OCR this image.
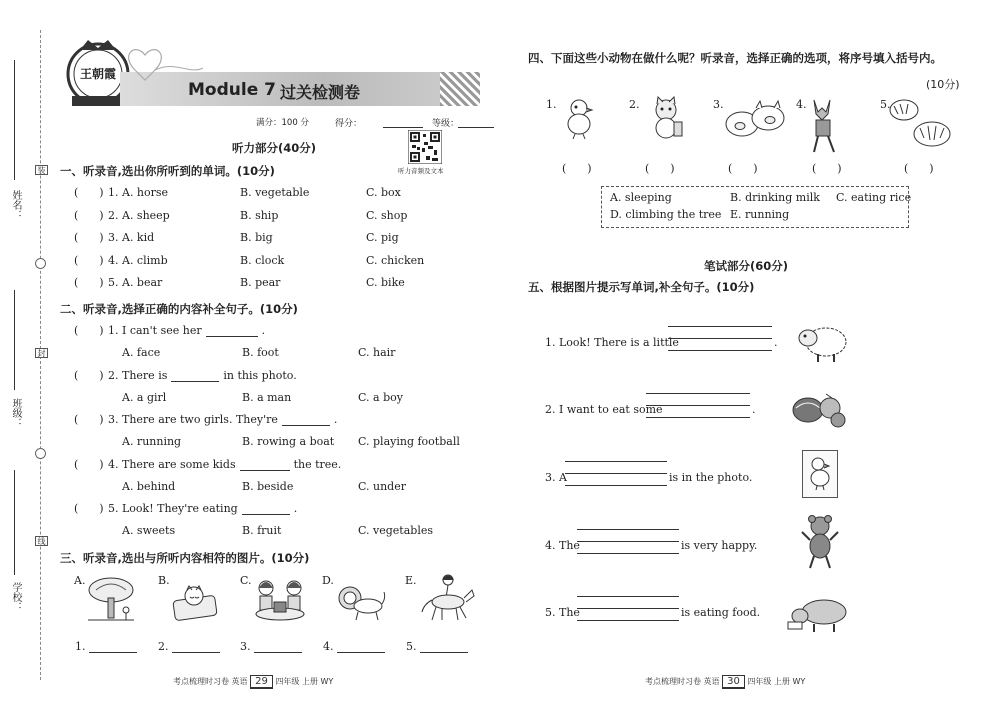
姓名：
班级：
学校：
装
封
线
王朝霞
Module 7 过关检测卷
满分：100 分	得分：	等级：
听力音频及文本
听力部分(40分)
一、听录音,选出你所听到的单词。(10分)
(      ) 1. A. horse	B. vegetable	C. box
(      ) 2. A. sheep	B. ship	C. shop
(      ) 3. A. kid	B. big	C. pig
(      ) 4. A. climb	B. clock	C. chicken
(      ) 5. A. bear	B. pear	C. bike
二、听录音,选择正确的内容补全句子。(10分)
(      ) 1. I can't see her	.
A. face	B. foot	C. hair
(      ) 2. There is	in this photo.
A. a girl	B. a man	C. a boy
(      ) 3. There are two girls. They're	.
A. running	B. rowing a boat C. playing football
(      ) 4. There are some kids	the tree.
A. behind	B. beside	C. under
(      ) 5. Look! They're eating	.
A. sweets	B. fruit	C. vegetables
三、听录音,选出与所听内容相符的图片。(10分)
A.	B.	C.	D.	E.
1.	2.	3.	4.	5.
考点梳理时习卷 英语 29 四年级 上册 WY
四、下面这些小动物在做什么呢？听录音，选择正确的选项，将序号填入括号内。
(10分)
1.	2.	3.	4.	5.
(      )	(      )	(      )	(      )	(      )
A. sleeping	B. drinking milk C. eating rice
D. climbing the tree E. running
笔试部分(60分)
五、根据图片提示写单词,补全句子。(10分)
1. Look! There is a little	.
2. I want to eat some	.
3. A	is in the photo.
4. The	is very happy.
5. The	is eating food.
考点梳理时习卷 英语 30 四年级 上册 WY
